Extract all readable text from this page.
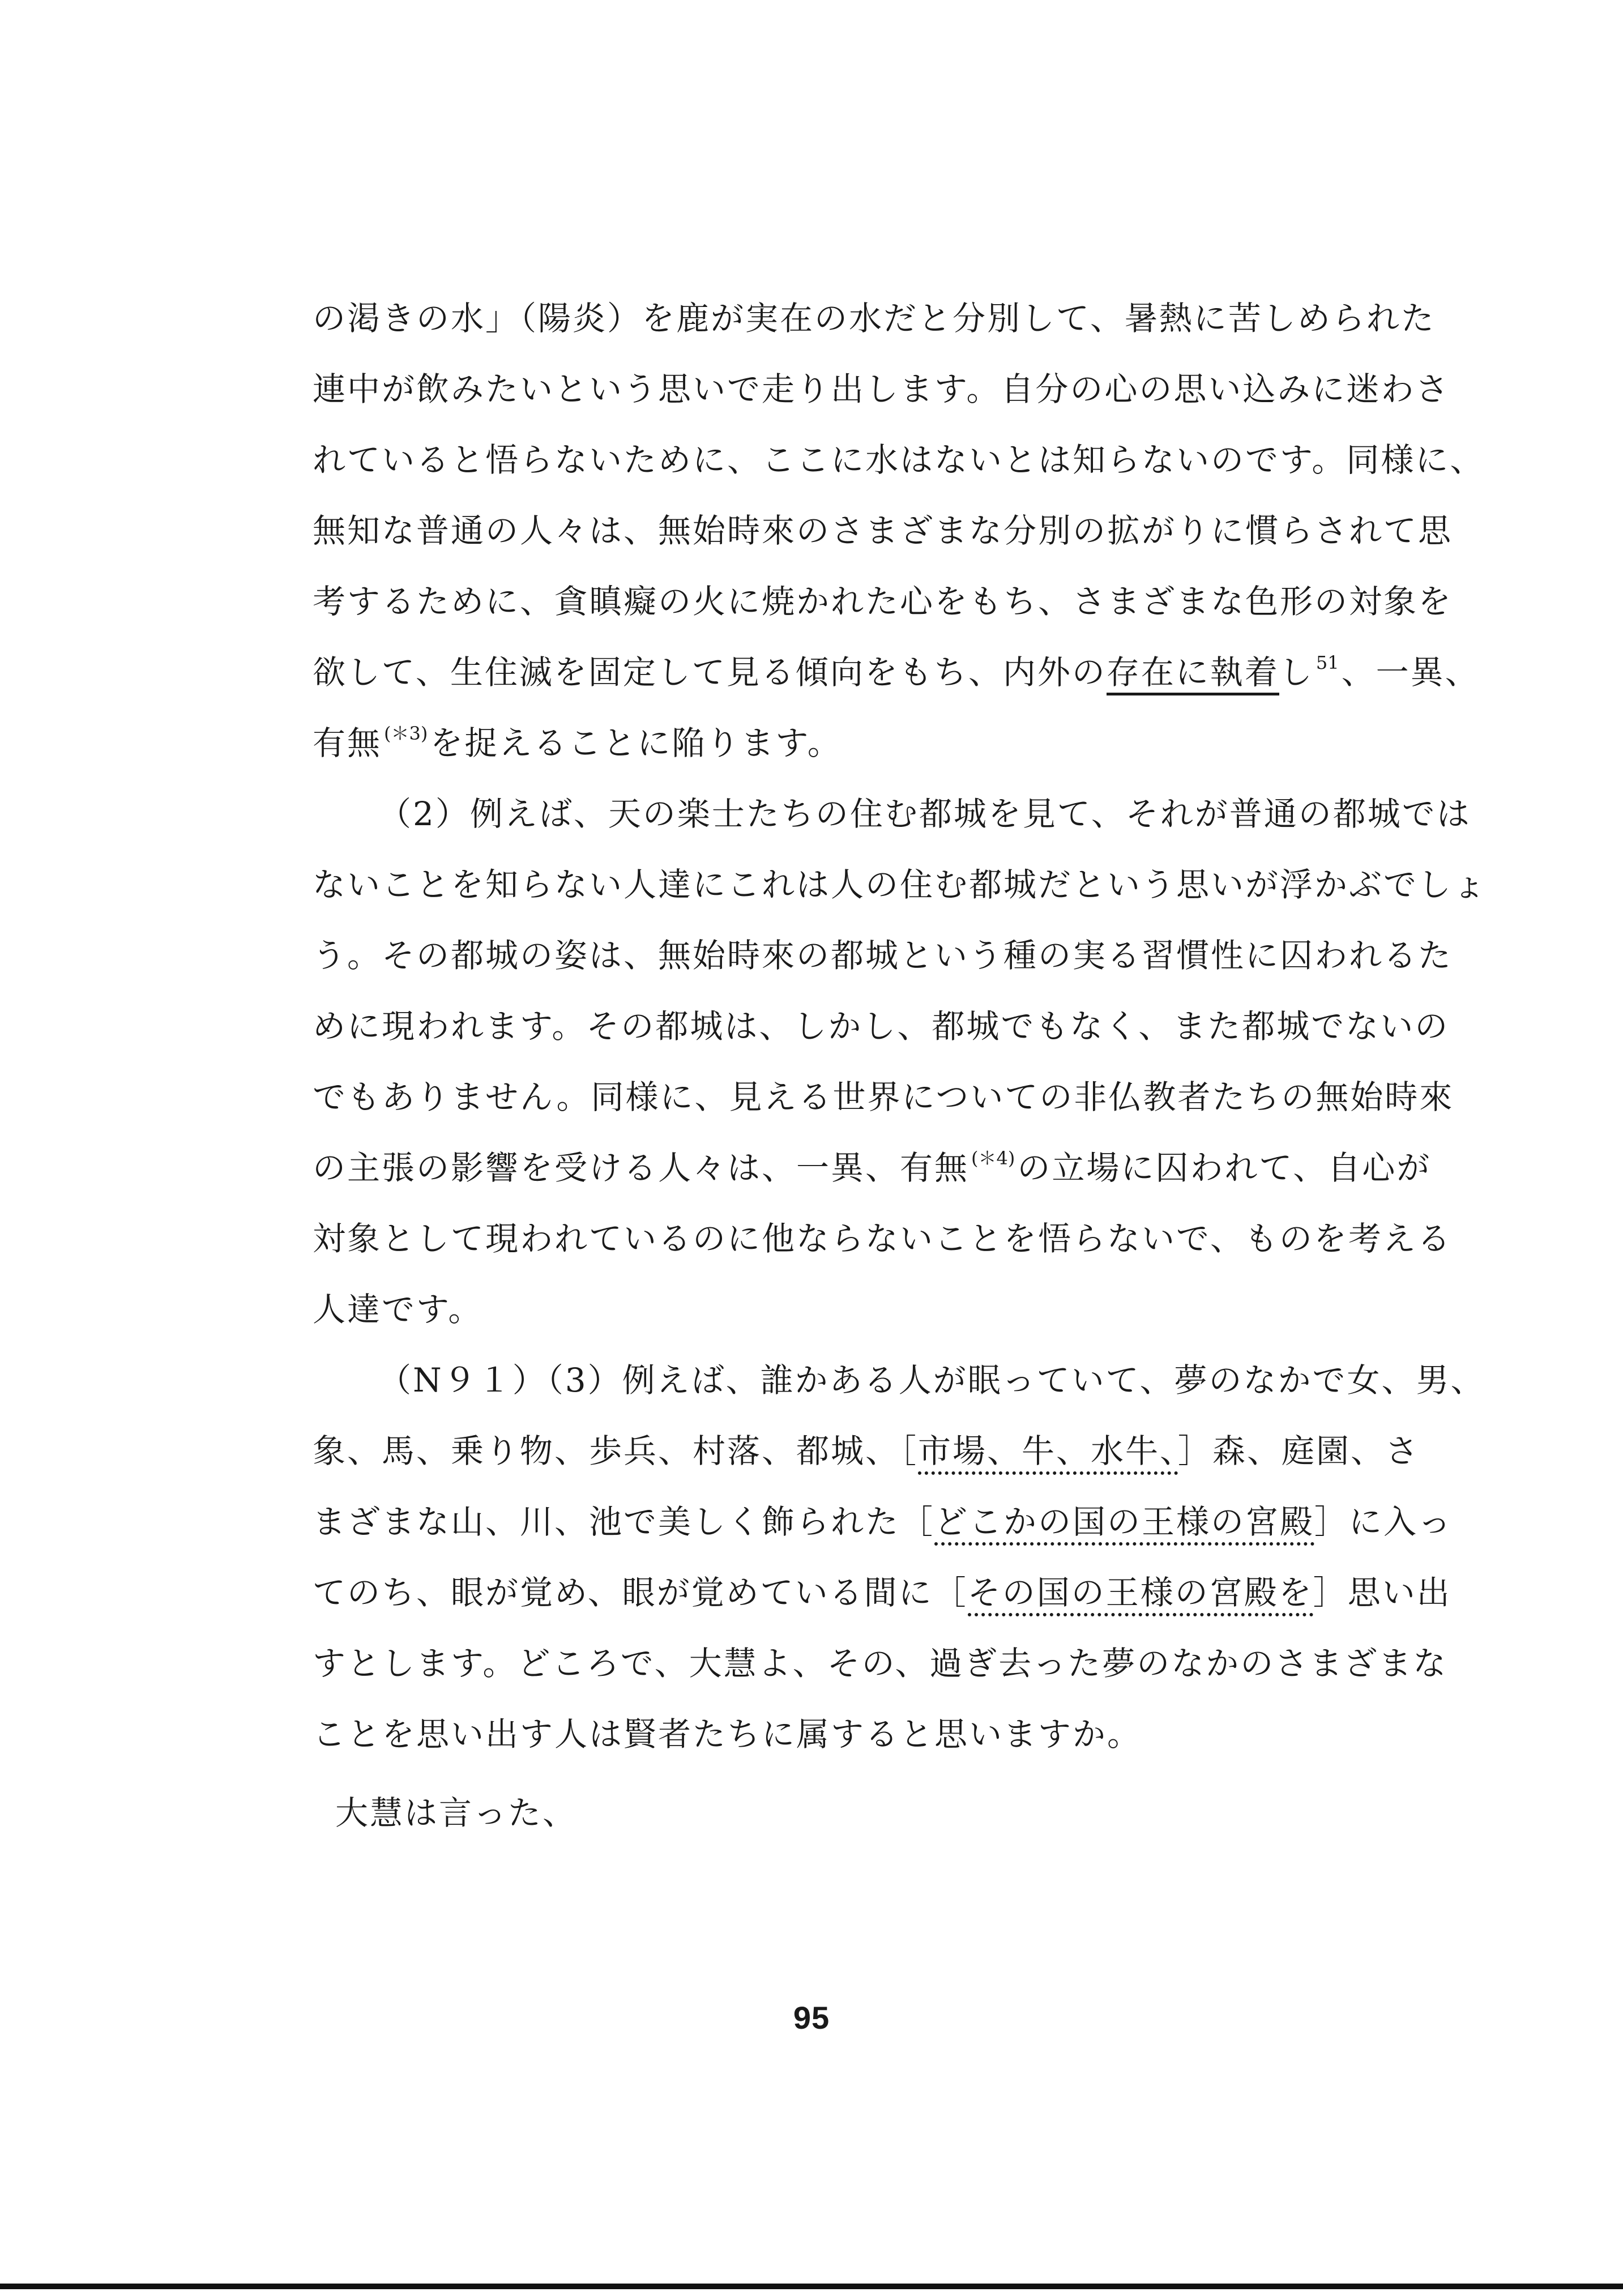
の渇きの水」（陽炎）を鹿が実在の水だと分別して、暑熱に苦しめられた
連中が飲みたいという思いで走り出します。自分の心の思い込みに迷わさ
れていると悟らないために、ここに水はないとは知らないのです。同様に、
無知な普通の人々は、無始時來のさまざまな分別の拡がりに慣らされて思
考するために、貪瞋癡の火に焼かれた心をもち、さまざまな色形の対象を
欲して、生住滅を固定して見る傾向をもち、内外の存在に執着し $^{51}$、一異、
有無 $^{(*3)}$を捉えることに陥ります。
（2）例えば、天の楽士たちの住む都城を見て、それが普通の都城では
ないことを知らない人達にこれは人の住む都城だという思いが浮かぶでしょ
う。その都城の姿は、無始時來の都城という種の実る習慣性に囚われるた
めに現われます。その都城は、しかし、都城でもなく、また都城でないの
でもありません。同様に、見える世界についての非仏教者たちの無始時來
の主張の影響を受ける人々は、一異、有無 $^{(*4)}$の立場に囚われて、自心が
対象として現われているのに他ならないことを悟らないで、ものを考える
人達です。
（N９１）（3）例えば、誰かある人が眠っていて、夢のなかで女、男、
象、馬、乗り物、歩兵、村落、都城、［市場、牛、水牛、］森、庭園、さ
まざまな山、川、池で美しく飾られた［どこかの国の王様の宮殿］に入っ
てのち、眼が覚め、眼が覚めている間に［その国の王様の宮殿を］思い出
すとします。どころで、大慧よ、その、過ぎ去った夢のなかのさまざまな
ことを思い出す人は賢者たちに属すると思いますか。
大慧は言った、
95
